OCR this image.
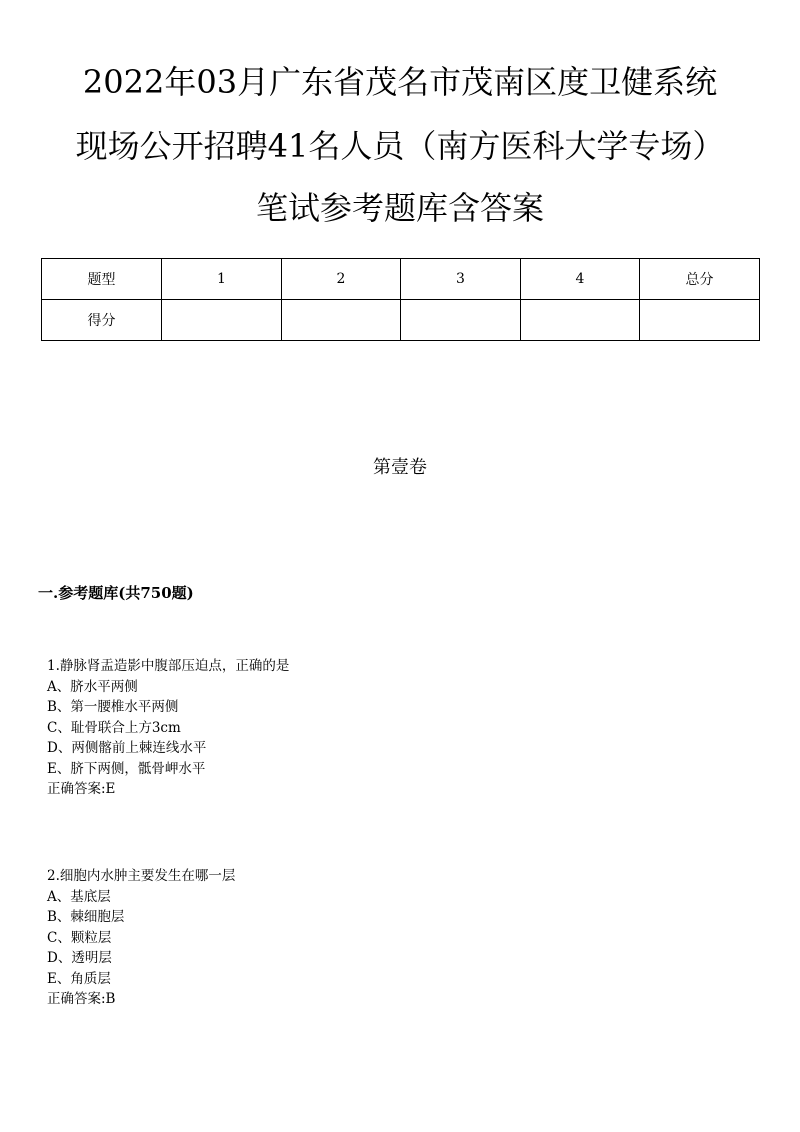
2022年03月广东省茂名市茂南区度卫健系统
现场公开招聘41名人员（南方医科大学专场）
笔试参考题库含答案
题型	1	2	3	4	总分
得分					
第壹卷
一.参考题库(共750题)
1.静脉肾盂造影中腹部压迫点，正确的是
A、脐水平两侧
B、第一腰椎水平两侧
C、耻骨联合上方3cm
D、两侧髂前上棘连线水平
E、脐下两侧，骶骨岬水平
正确答案:E
2.细胞内水肿主要发生在哪一层
A、基底层
B、棘细胞层
C、颗粒层
D、透明层
E、角质层
正确答案:B
